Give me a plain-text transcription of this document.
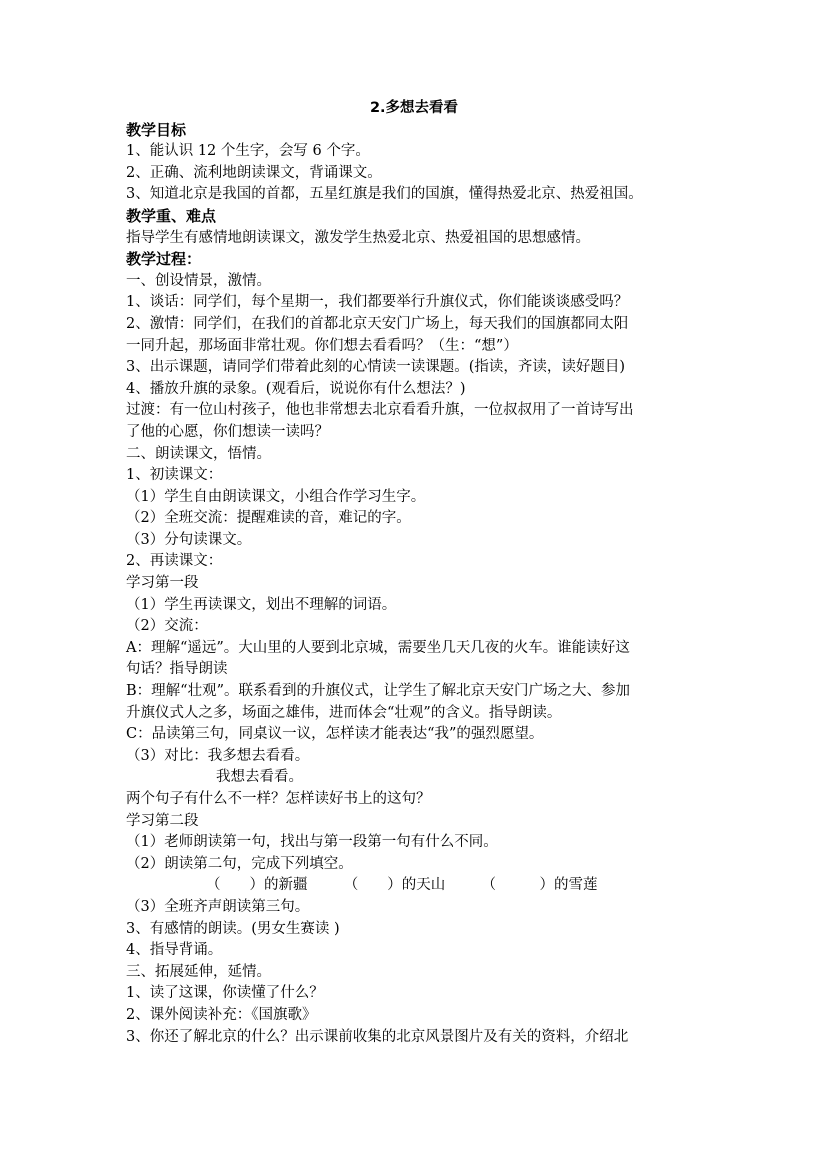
2.多想去看看
教学目标
1、能认识 12 个生字，会写 6 个字。
2、正确、流利地朗读课文，背诵课文。
3、知道北京是我国的首都，五星红旗是我们的国旗，懂得热爱北京、热爱祖国。
教学重、难点
指导学生有感情地朗读课文，激发学生热爱北京、热爱祖国的思想感情。
教学过程：
一、创设情景，激情。
1、谈话：同学们，每个星期一，我们都要举行升旗仪式，你们能谈谈感受吗？
2、激情：同学们，在我们的首都北京天安门广场上，每天我们的国旗都同太阳
一同升起，那场面非常壮观。你们想去看看吗？（生：“想”）
3、出示课题，请同学们带着此刻的心情读一读课题。(指读，齐读，读好题目)
4、播放升旗的录象。(观看后，说说你有什么想法？)
过渡：有一位山村孩子，他也非常想去北京看看升旗，一位叔叔用了一首诗写出
了他的心愿，你们想读一读吗？
二、朗读课文，悟情。
1、初读课文：
（1）学生自由朗读课文，小组合作学习生字。
（2）全班交流：提醒难读的音，难记的字。
（3）分句读课文。
2、再读课文：
学习第一段
（1）学生再读课文，划出不理解的词语。
（2）交流：
A：理解“遥远”。大山里的人要到北京城，需要坐几天几夜的火车。谁能读好这
句话？指导朗读
B：理解“壮观”。联系看到的升旗仪式，让学生了解北京天安门广场之大、参加
升旗仪式人之多，场面之雄伟，进而体会“壮观”的含义。指导朗读。
C：品读第三句，同桌议一议，怎样读才能表达“我”的强烈愿望。
（3）对比：我多想去看看。
我想去看看。
两个句子有什么不一样？怎样读好书上的这句？
学习第二段
（1）老师朗读第一句，找出与第一段第一句有什么不同。
（2）朗读第二句，完成下列填空。
（　　）的新疆　　　（　　）的天山　　　（　　　）的雪莲
（3）全班齐声朗读第三句。
3、有感情的朗读。(男女生赛读 )
4、指导背诵。
三、拓展延伸，延情。
1、读了这课，你读懂了什么？
2、课外阅读补充：《国旗歌》
3、你还了解北京的什么？出示课前收集的北京风景图片及有关的资料，介绍北
